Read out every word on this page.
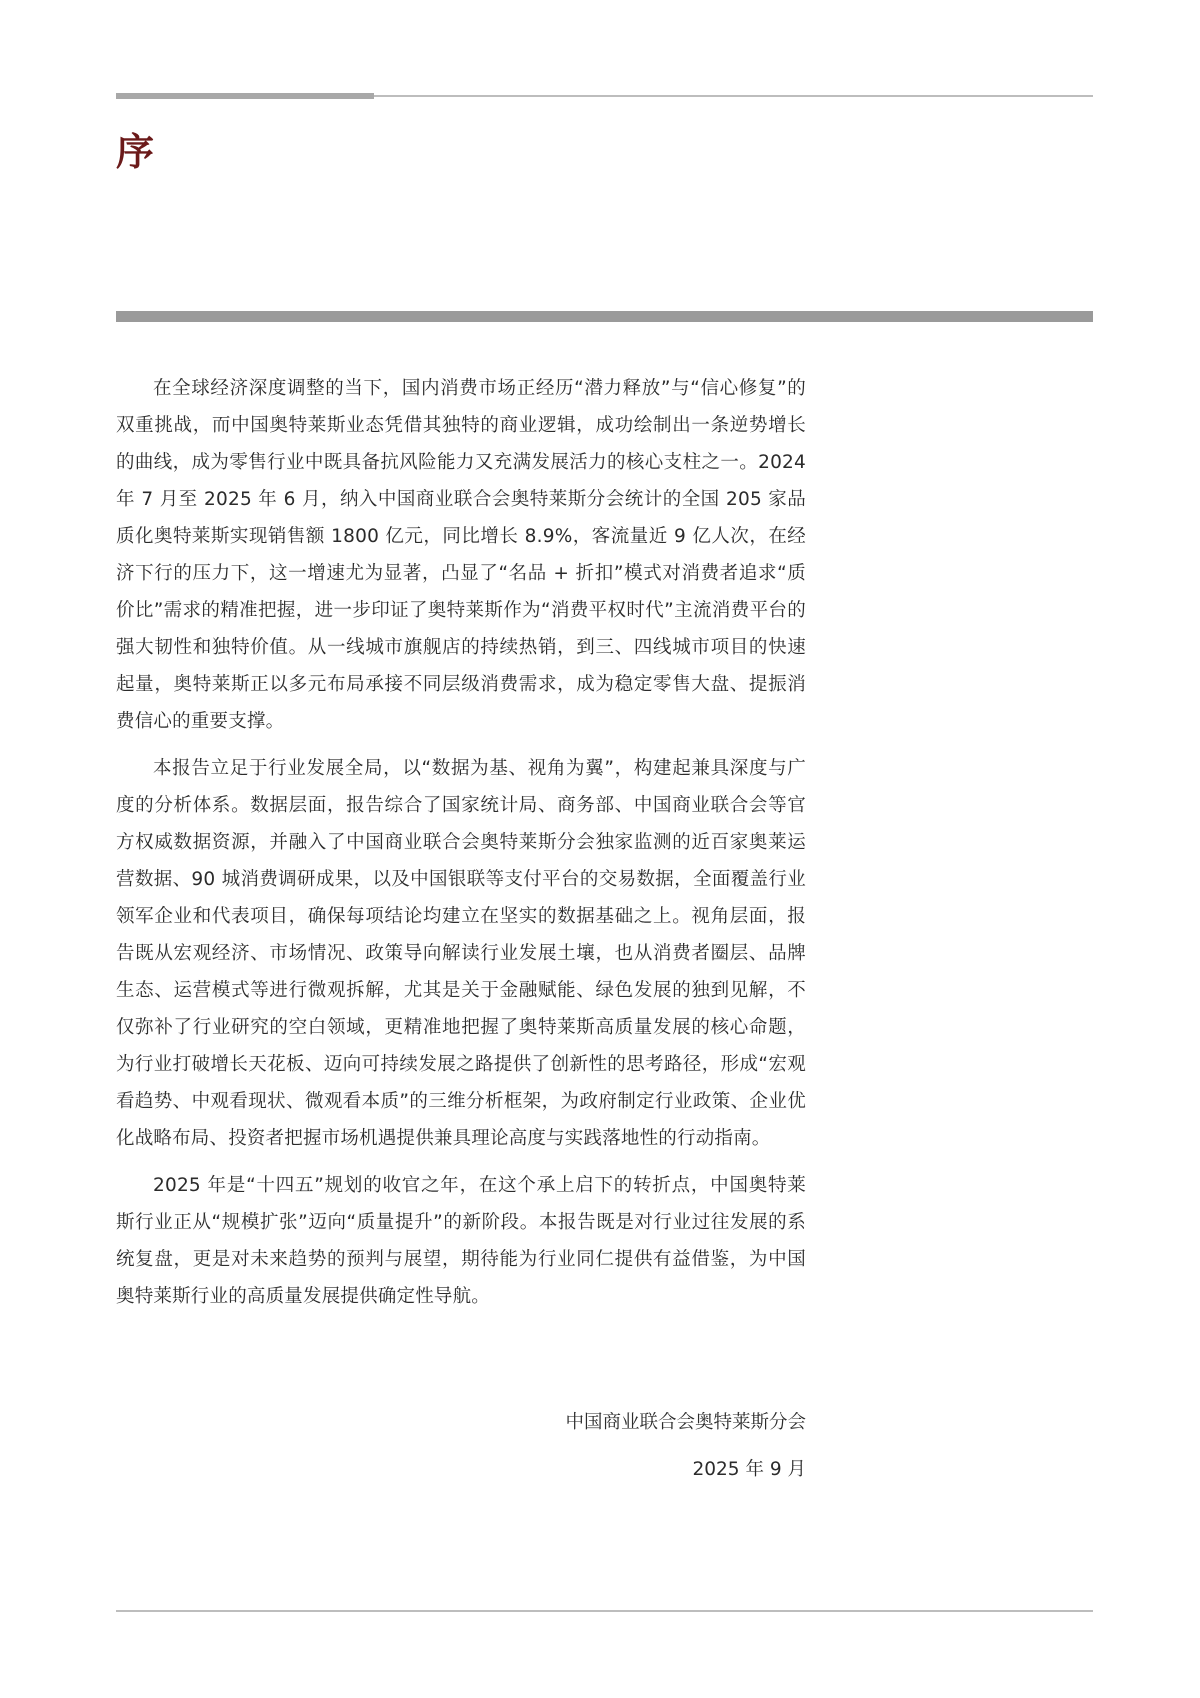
序

在全球经济深度调整的当下，国内消费市场正经历“潜力释放”与“信心修复”的双重挑战，而中国奥特莱斯业态凭借其独特的商业逻辑，成功绘制出一条逆势增长的曲线，成为零售行业中既具备抗风险能力又充满发展活力的核心支柱之一。2024 年 7 月至 2025 年 6 月，纳入中国商业联合会奥特莱斯分会统计的全国 205 家品质化奥特莱斯实现销售额 1800 亿元，同比增长 8.9%，客流量近 9 亿人次，在经济下行的压力下，这一增速尤为显著，凸显了“名品 + 折扣”模式对消费者追求“质价比”需求的精准把握，进一步印证了奥特莱斯作为“消费平权时代”主流消费平台的强大韧性和独特价值。从一线城市旗舰店的持续热销，到三、四线城市项目的快速起量，奥特莱斯正以多元布局承接不同层级消费需求，成为稳定零售大盘、提振消费信心的重要支撑。

本报告立足于行业发展全局，以“数据为基、视角为翼”，构建起兼具深度与广度的分析体系。数据层面，报告综合了国家统计局、商务部、中国商业联合会等官方权威数据资源，并融入了中国商业联合会奥特莱斯分会独家监测的近百家奥莱运营数据、90 城消费调研成果，以及中国银联等支付平台的交易数据，全面覆盖行业领军企业和代表项目，确保每项结论均建立在坚实的数据基础之上。视角层面，报告既从宏观经济、市场情况、政策导向解读行业发展土壤，也从消费者圈层、品牌生态、运营模式等进行微观拆解，尤其是关于金融赋能、绿色发展的独到见解，不仅弥补了行业研究的空白领域，更精准地把握了奥特莱斯高质量发展的核心命题，为行业打破增长天花板、迈向可持续发展之路提供了创新性的思考路径，形成“宏观看趋势、中观看现状、微观看本质”的三维分析框架，为政府制定行业政策、企业优化战略布局、投资者把握市场机遇提供兼具理论高度与实践落地性的行动指南。

2025 年是“十四五”规划的收官之年，在这个承上启下的转折点，中国奥特莱斯行业正从“规模扩张”迈向“质量提升”的新阶段。本报告既是对行业过往发展的系统复盘，更是对未来趋势的预判与展望，期待能为行业同仁提供有益借鉴，为中国奥特莱斯行业的高质量发展提供确定性导航。

中国商业联合会奥特莱斯分会
2025 年 9 月
